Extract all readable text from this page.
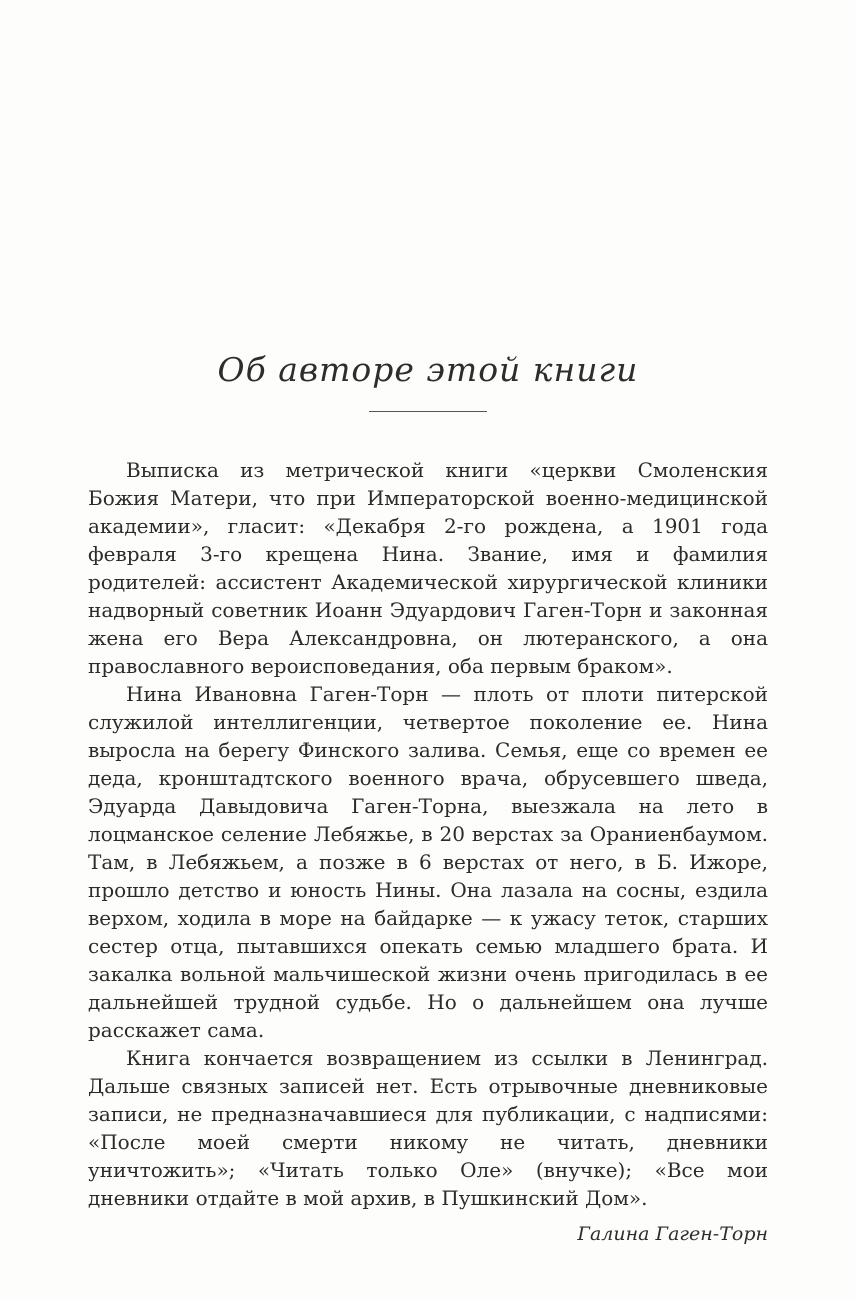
Об авторе этой книги

Выписка из метрической книги «церкви Смоленския Божия Матери, что при Императорской военно-медицинской академии», гласит: «Декабря 2-го рождена, а 1901 года февраля 3-го крещена Нина. Звание, имя и фамилия родителей: ассистент Академической хирургической клиники надворный советник Иоанн Эдуардович Гаген-Торн и законная жена его Вера Александровна, он лютеранского, а она православного вероисповедания, оба первым браком».

Нина Ивановна Гаген-Торн — плоть от плоти питерской служилой интеллигенции, четвертое поколение ее. Нина выросла на берегу Финского залива. Семья, еще со времен ее деда, кронштадтского военного врача, обрусевшего шведа, Эдуарда Давыдовича Гаген-Торна, выезжала на лето в лоцманское селение Лебяжье, в 20 верстах за Ораниенбаумом. Там, в Лебяжьем, а позже в 6 верстах от него, в Б. Ижоре, прошло детство и юность Нины. Она лазала на сосны, ездила верхом, ходила в море на байдарке — к ужасу теток, старших сестер отца, пытавшихся опекать семью младшего брата. И закалка вольной мальчишеской жизни очень пригодилась в ее дальнейшей трудной судьбе. Но о дальнейшем она лучше расскажет сама.

Книга кончается возвращением из ссылки в Ленинград. Дальше связных записей нет. Есть отрывочные дневниковые записи, не предназначавшиеся для публикации, с надписями: «После моей смерти никому не читать, дневники уничтожить»; «Читать только Оле» (внучке); «Все мои дневники отдайте в мой архив, в Пушкинский Дом».

Галина Гаген-Торн
